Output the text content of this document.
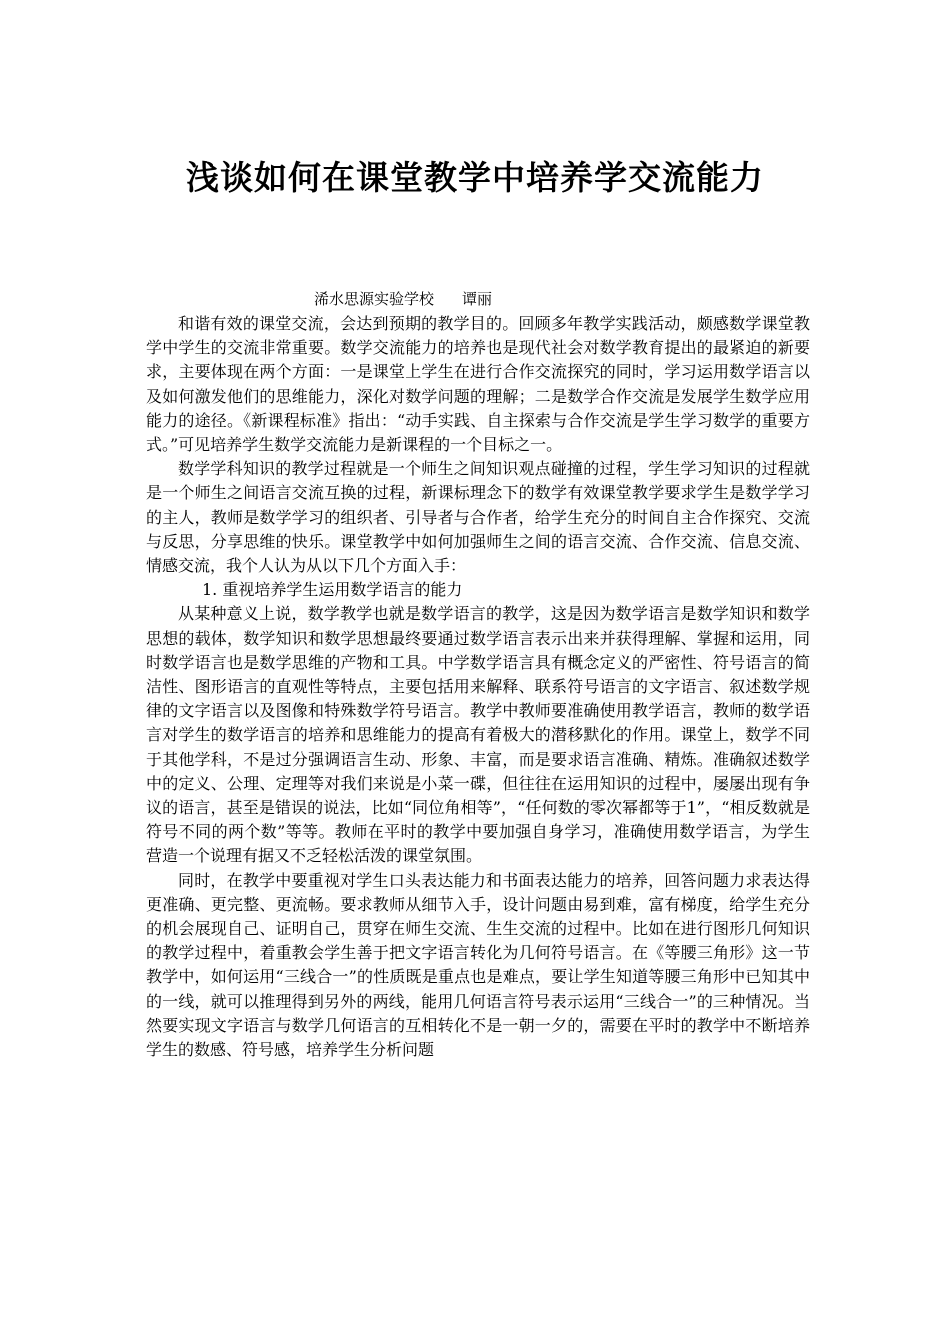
浅谈如何在课堂教学中培养学交流能力
浠水思源实验学校 谭丽

和谐有效的课堂交流，会达到预期的教学目的。回顾多年教学实践活动，颇感数学课堂教学中学生的交流非常重要。数学交流能力的培养也是现代社会对数学教育提出的最紧迫的新要求，主要体现在两个方面：一是课堂上学生在进行合作交流探究的同时，学习运用数学语言以及如何激发他们的思维能力，深化对数学问题的理解；二是数学合作交流是发展学生数学应用能力的途径。《新课程标准》指出：“动手实践、自主探索与合作交流是学生学习数学的重要方式。”可见培养学生数学交流能力是新课程的一个目标之一。

数学学科知识的教学过程就是一个师生之间知识观点碰撞的过程，学生学习知识的过程就是一个师生之间语言交流互换的过程，新课标理念下的数学有效课堂教学要求学生是数学学习的主人，教师是数学学习的组织者、引导者与合作者，给学生充分的时间自主合作探究、交流与反思，分享思维的快乐。课堂教学中如何加强师生之间的语言交流、合作交流、信息交流、情感交流，我个人认为从以下几个方面入手：

1. 重视培养学生运用数学语言的能力

从某种意义上说，数学教学也就是数学语言的教学，这是因为数学语言是数学知识和数学思想的载体，数学知识和数学思想最终要通过数学语言表示出来并获得理解、掌握和运用，同时数学语言也是数学思维的产物和工具。中学数学语言具有概念定义的严密性、符号语言的简洁性、图形语言的直观性等特点，主要包括用来解释、联系符号语言的文字语言、叙述数学规律的文字语言以及图像和特殊数学符号语言。教学中教师要准确使用教学语言，教师的数学语言对学生的数学语言的培养和思维能力的提高有着极大的潜移默化的作用。课堂上，数学不同于其他学科，不是过分强调语言生动、形象、丰富，而是要求语言准确、精炼。准确叙述数学中的定义、公理、定理等对我们来说是小菜一碟，但往往在运用知识的过程中，屡屡出现有争议的语言，甚至是错误的说法，比如“同位角相等”，“任何数的零次幂都等于1”，“相反数就是符号不同的两个数”等等。教师在平时的教学中要加强自身学习，准确使用数学语言，为学生营造一个说理有据又不乏轻松活泼的课堂氛围。

同时，在教学中要重视对学生口头表达能力和书面表达能力的培养，回答问题力求表达得更准确、更完整、更流畅。要求教师从细节入手，设计问题由易到难，富有梯度，给学生充分的机会展现自己、证明自己，贯穿在师生交流、生生交流的过程中。比如在进行图形几何知识的教学过程中，着重教会学生善于把文字语言转化为几何符号语言。在《等腰三角形》这一节教学中，如何运用“三线合一”的性质既是重点也是难点，要让学生知道等腰三角形中已知其中的一线，就可以推理得到另外的两线，能用几何语言符号表示运用“三线合一”的三种情况。当然要实现文字语言与数学几何语言的互相转化不是一朝一夕的，需要在平时的教学中不断培养学生的数感、符号感，培养学生分析问题
